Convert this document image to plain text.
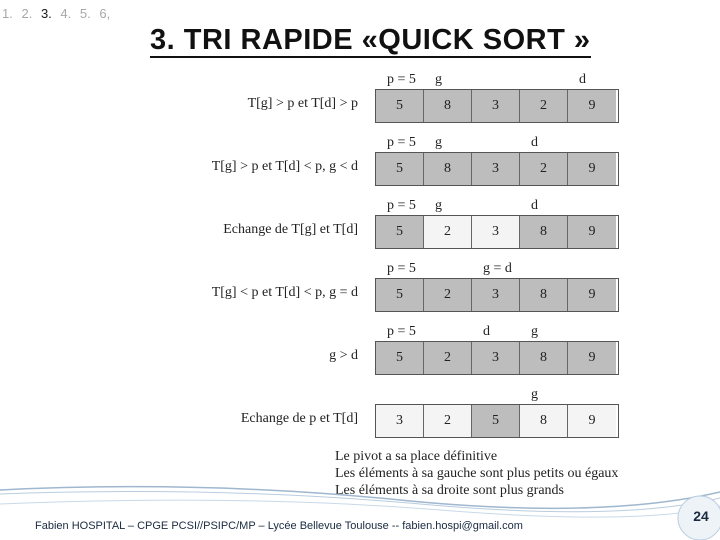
1. 2. 3. 4. 5. 6,
3. TRI RAPIDE «QUICK SORT »
p = 5 g	d
5	8	3	2	9
T[g] > p et T[d] > p
p = 5 g	d
5	8	3	2	9
T[g] > p et T[d] < p, g < d
p = 5 g	d
5	2	3	8	9
Echange de T[g] et T[d]
p = 5	g = d
5	2	3	8	9
T[g] < p et T[d] < p, g = d
p = 5	d	g
5	2	3	8	9
g > d
g
3	2	5	8	9
Echange de p et T[d]
Le pivot a sa place définitive
Les éléments à sa gauche sont plus petits ou égaux
Les éléments à sa droite sont plus grands
Fabien HOSPITAL – CPGE PCSI//PSIPC/MP – Lycée Bellevue Toulouse -- fabien.hospi@gmail.com
24
